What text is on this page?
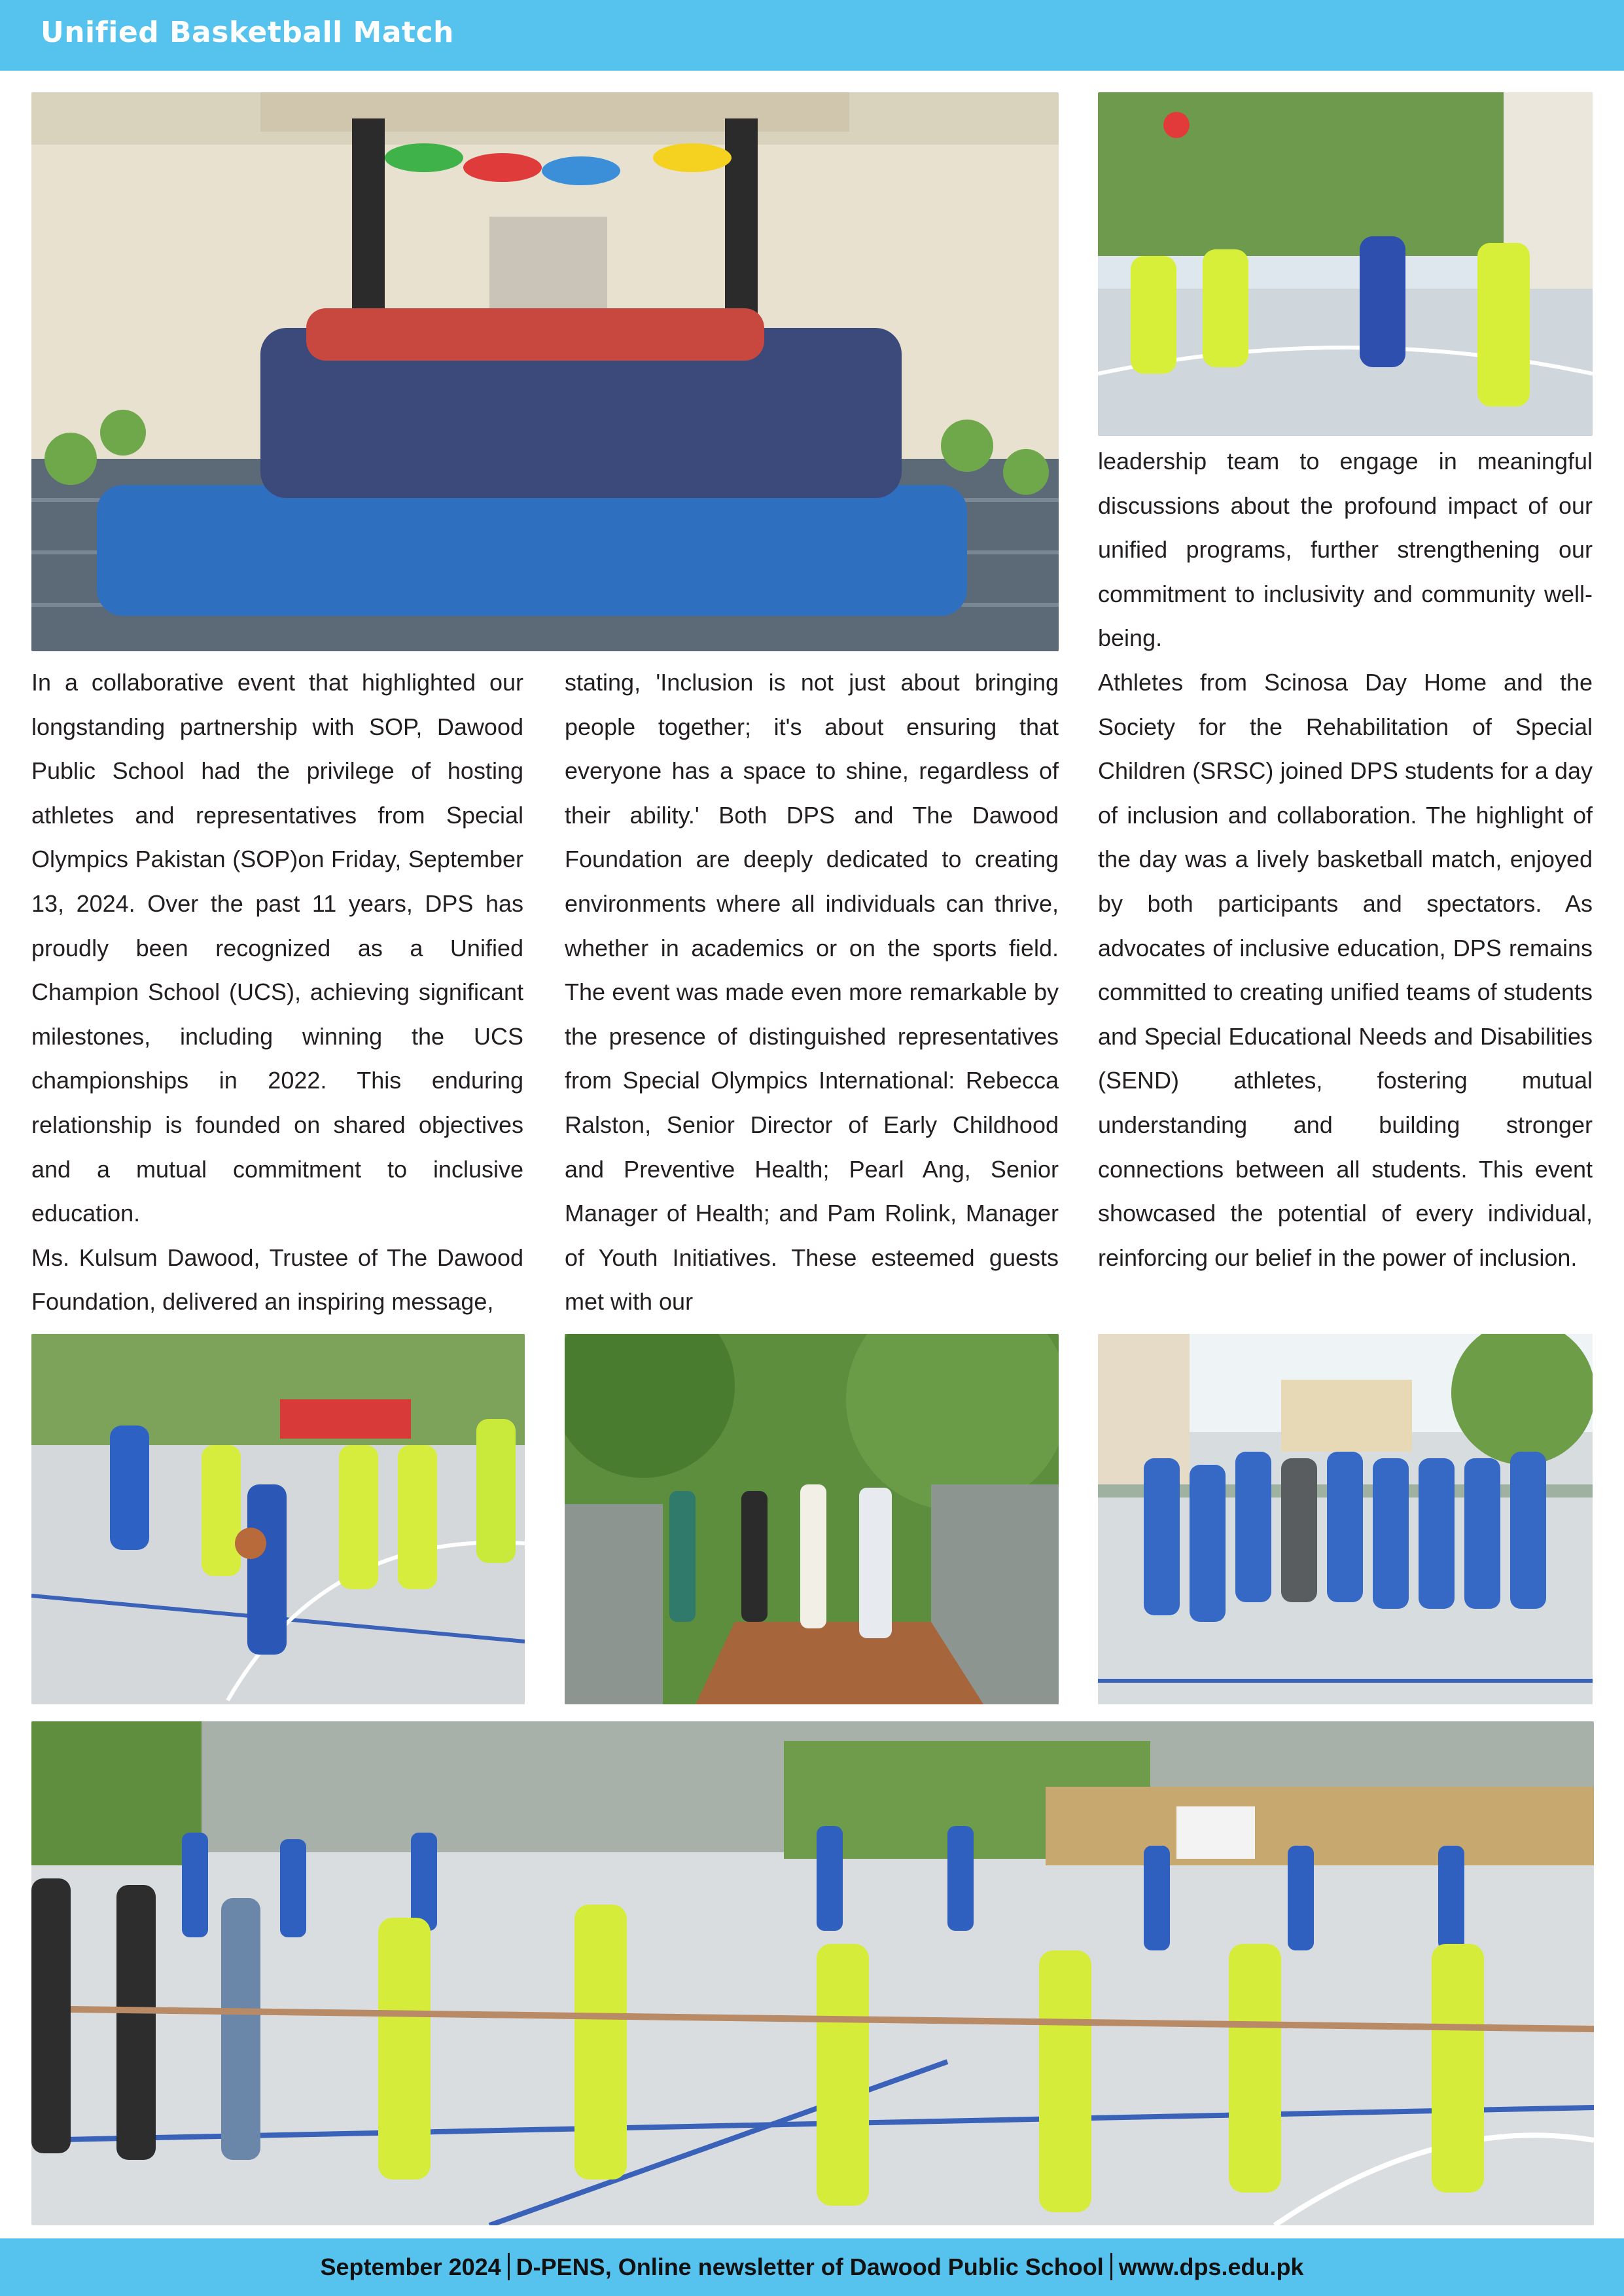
Unified Basketball Match

In a collaborative event that highlighted our longstanding partnership with SOP, Dawood Public School had the privilege of hosting athletes and representatives from Special Olympics Pakistan (SOP)on Friday, September 13, 2024. Over the past 11 years, DPS has proudly been recognized as a Unified Champion School (UCS), achieving significant milestones, including winning the UCS championships in 2022. This enduring relationship is founded on shared objectives and a mutual commitment to inclusive education.

Ms. Kulsum Dawood, Trustee of The Dawood Foundation, delivered an inspiring message,

stating, 'Inclusion is not just about bringing people together; it's about ensuring that everyone has a space to shine, regardless of their ability.' Both DPS and The Dawood Foundation are deeply dedicated to creating environments where all individuals can thrive, whether in academics or on the sports field. The event was made even more remarkable by the presence of distinguished representatives from Special Olympics International: Rebecca Ralston, Senior Director of Early Childhood and Preventive Health; Pearl Ang, Senior Manager of Health; and Pam Rolink, Manager of Youth Initiatives. These esteemed guests met with our

leadership team to engage in meaningful discussions about the profound impact of our unified programs, further strengthening our commitment to inclusivity and community well-being.

Athletes from Scinosa Day Home and the Society for the Rehabilitation of Special Children (SRSC) joined DPS students for a day of inclusion and collaboration. The highlight of the day was a lively basketball match, enjoyed by both participants and spectators. As advocates of inclusive education, DPS remains committed to creating unified teams of students and Special Educational Needs and Disabilities (SEND) athletes, fostering mutual understanding and building stronger connections between all students. This event showcased the potential of every individual, reinforcing our belief in the power of inclusion.

September 2024 D-PENS, Online newsletter of Dawood Public School www.dps.edu.pk
